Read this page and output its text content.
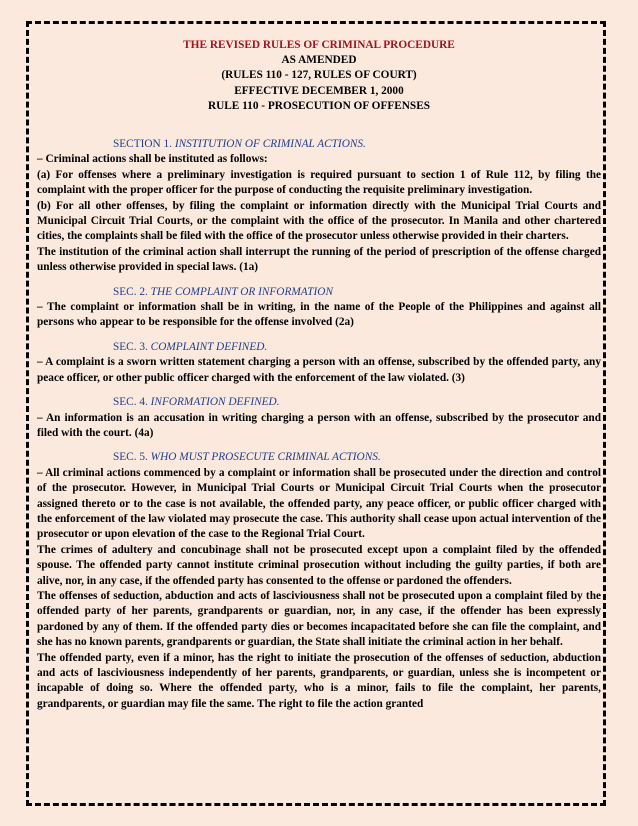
THE REVISED RULES OF CRIMINAL PROCEDURE
AS AMENDED
(RULES 110 - 127, RULES OF COURT)
EFFECTIVE DECEMBER 1, 2000
RULE 110 - PROSECUTION OF OFFENSES
SECTION 1. INSTITUTION OF CRIMINAL ACTIONS.
– Criminal actions shall be instituted as follows:
(a) For offenses where a preliminary investigation is required pursuant to section 1 of Rule 112, by filing the complaint with the proper officer for the purpose of conducting the requisite preliminary investigation.
(b) For all other offenses, by filing the complaint or information directly with the Municipal Trial Courts and Municipal Circuit Trial Courts, or the complaint with the office of the prosecutor. In Manila and other chartered cities, the complaints shall be filed with the office of the prosecutor unless otherwise provided in their charters.
The institution of the criminal action shall interrupt the running of the period of prescription of the offense charged unless otherwise provided in special laws. (1a)
SEC. 2. THE COMPLAINT OR INFORMATION
– The complaint or information shall be in writing, in the name of the People of the Philippines and against all persons who appear to be responsible for the offense involved (2a)
SEC. 3. COMPLAINT DEFINED.
– A complaint is a sworn written statement charging a person with an offense, subscribed by the offended party, any peace officer, or other public officer charged with the enforcement of the law violated. (3)
SEC. 4. INFORMATION DEFINED.
– An information is an accusation in writing charging a person with an offense, subscribed by the prosecutor and filed with the court. (4a)
SEC. 5. WHO MUST PROSECUTE CRIMINAL ACTIONS.
– All criminal actions commenced by a complaint or information shall be prosecuted under the direction and control of the prosecutor. However, in Municipal Trial Courts or Municipal Circuit Trial Courts when the prosecutor assigned thereto or to the case is not available, the offended party, any peace officer, or public officer charged with the enforcement of the law violated may prosecute the case. This authority shall cease upon actual intervention of the prosecutor or upon elevation of the case to the Regional Trial Court.
The crimes of adultery and concubinage shall not be prosecuted except upon a complaint filed by the offended spouse. The offended party cannot institute criminal prosecution without including the guilty parties, if both are alive, nor, in any case, if the offended party has consented to the offense or pardoned the offenders.
The offenses of seduction, abduction and acts of lasciviousness shall not be prosecuted upon a complaint filed by the offended party of her parents, grandparents or guardian, nor, in any case, if the offender has been expressly pardoned by any of them. If the offended party dies or becomes incapacitated before she can file the complaint, and she has no known parents, grandparents or guardian, the State shall initiate the criminal action in her behalf.
The offended party, even if a minor, has the right to initiate the prosecution of the offenses of seduction, abduction and acts of lasciviousness independently of her parents, grandparents, or guardian, unless she is incompetent or incapable of doing so. Where the offended party, who is a minor, fails to file the complaint, her parents, grandparents, or guardian may file the same. The right to file the action granted
